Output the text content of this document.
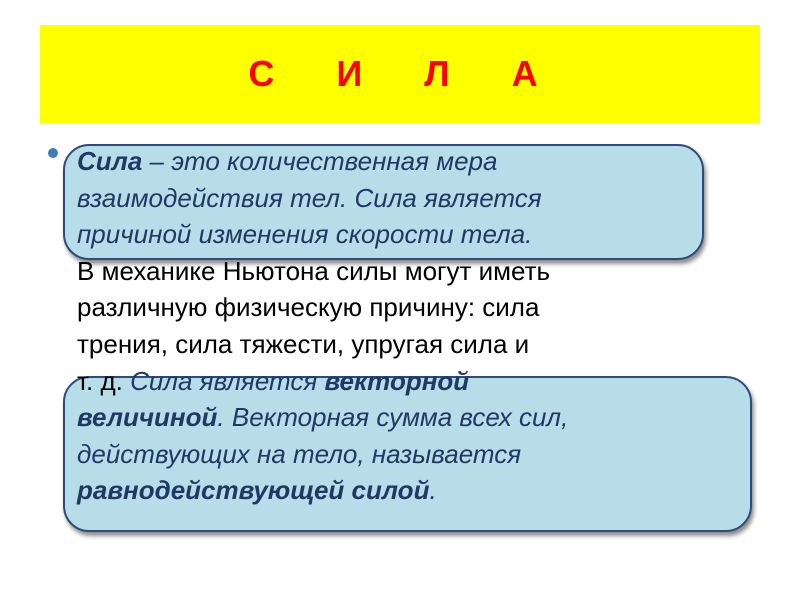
С  И  Л  А
Сила – это количественная мера
взаимодействия тел. Сила является
причиной изменения скорости тела.
В механике Ньютона силы могут иметь
различную физическую причину: сила
трения, сила тяжести, упругая сила и
т. д. Сила является векторной
величиной. Векторная сумма всех сил,
действующих на тело, называется
равнодействующей силой.
